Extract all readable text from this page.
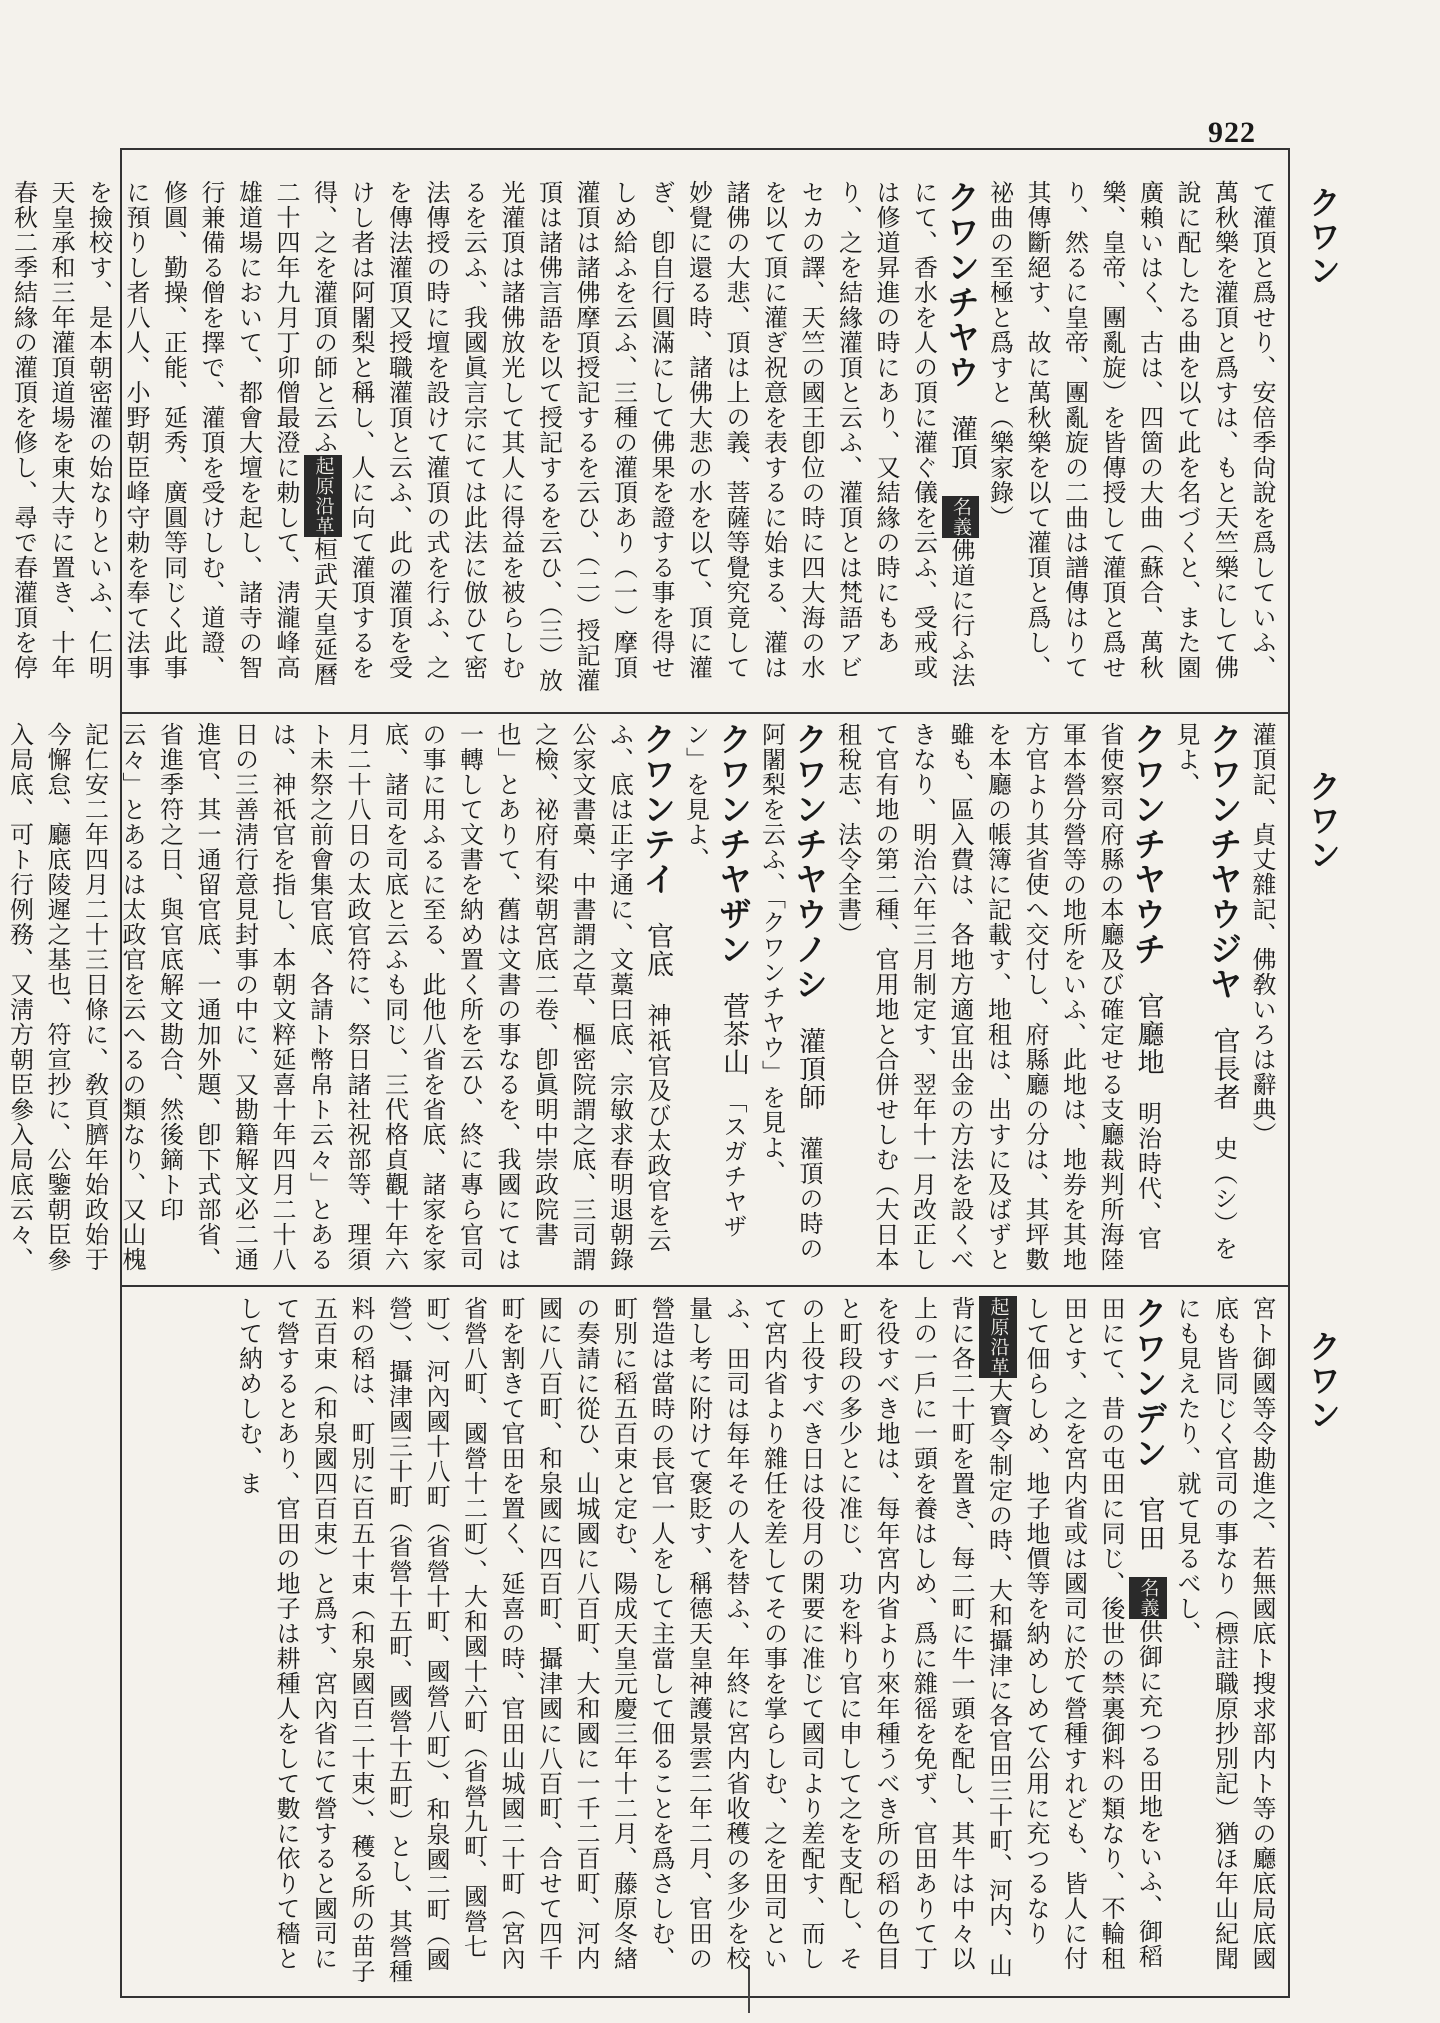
922
クワン
て灌頂と爲せり、安倍季尙說を爲していふ、萬秋樂を灌頂と爲すは、もと天竺樂にして佛說に配したる曲を以て此を名づくと、また園廣賴いはく、古は、四箇の大曲（蘇合、萬秋樂、皇帝、團亂旋）を皆傳授して灌頂と爲せり、然るに皇帝、團亂旋の二曲は譜傳はりて其傳斷絕す、故に萬秋樂を以て灌頂と爲し、祕曲の至極と爲すと（樂家錄）
クワンチヤウ　灌頂　名義佛道に行ふ法にて、香水を人の頂に灌ぐ儀を云ふ、受戒或は修道昇進の時にあり、又結緣の時にもあり、之を結緣灌頂と云ふ、灌頂とは梵語アビセカの譯、天竺の國王卽位の時に四大海の水を以て頂に灌ぎ祝意を表するに始まる、灌は諸佛の大悲、頂は上の義、菩薩等覺究竟して妙覺に還る時、諸佛大悲の水を以て、頂に灌ぎ、卽自行圓滿にして佛果を證する事を得せしめ給ふを云ふ、三種の灌頂あり（一）摩頂灌頂は諸佛摩頂授記するを云ひ、（二）授記灌頂は諸佛言語を以て授記するを云ひ、（三）放光灌頂は諸佛放光して其人に得益を被らしむるを云ふ、我國眞言宗にては此法に倣ひて密法傳授の時に壇を設けて灌頂の式を行ふ、之を傳法灌頂又授職灌頂と云ふ、此の灌頂を受けし者は阿闍梨と稱し、人に向て灌頂するを得、之を灌頂の師と云ふ起原沿革桓武天皇延曆二十四年九月丁卯僧最澄に勅して、淸瀧峰高雄道場において、都會大壇を起し、諸寺の智行兼備る僧を擇で、灌頂を受けしむ、道證、修圓、勤操、正能、延秀、廣圓等同じく此事に預りし者八人、小野朝臣峰守勅を奉て法事を撿校す、是本朝密灌の始なりといふ、仁明天皇承和三年灌頂道場を東大寺に置き、十年春秋二季結緣の灌頂を修し、尋で春灌頂を停
クワン
灌頂記、貞丈雜記、佛敎いろは辭典）
クワンチヤウジヤ　官長者　史（シ）を見よ、
クワンチヤウチ　官廳地　明治時代、官省使察司府縣の本廳及び確定せる支廳裁判所海陸軍本營分營等の地所をいふ、此地は、地券を其地方官より其省使へ交付し、府縣廳の分は、其坪數を本廳の帳簿に記載す、地租は、出すに及ばずと雖も、區入費は、各地方適宜出金の方法を設くべきなり、明治六年三月制定す、翌年十一月改正して官有地の第二種、官用地と合併せしむ（大日本租稅志、法令全書）
クワンチヤウノシ　灌頂師　灌頂の時の阿闍梨を云ふ、「クワンチヤウ」を見よ、
クワンチヤザン　菅茶山　「スガチヤザン」を見よ、
クワンテイ　官底　神祇官及び太政官を云ふ、底は正字通に、文藁曰底、宗敏求春明退朝錄公家文書槀、中書謂之草、樞密院謂之底、三司謂之檢、祕府有梁朝宮底二卷、卽眞明中崇政院書也」とありて、舊は文書の事なるを、我國にては一轉して文書を納め置く所を云ひ、終に專ら官司の事に用ふるに至る、此他八省を省底、諸家を家底、諸司を司底と云ふも同じ、三代格貞觀十年六月二十八日の太政官符に、祭日諸社祝部等、理須ト未祭之前會集官底、各請ト幣帛ト云々」とあるは、神祇官を指し、本朝文粹延喜十年四月二十八日の三善淸行意見封事の中に、又勘籍解文必二通進官、其一通留官底、一通加外題、卽下式部省、省進季符之日、與官底解文勘合、然後鏑ト印云々」とあるは太政官を云へるの類なり、又山槐記仁安二年四月二十三日條に、敎頁臍年始政始于今懈怠、廳底陵遲之基也、符宣抄に、公鑒朝臣參入局底、可ト行例務、又淸方朝臣參入局底云々、
クワン
宮ト御國等令勘進之、若無國底ト搜求部内ト等の廳底局底國底も皆同じく官司の事なり（標註職原抄別記）猶ほ年山紀聞にも見えたり、就て見るべし、
クワンデン　官田　名義供御に充つる田地をいふ、御稻田にて、昔の屯田に同じ、後世の禁裏御料の類なり、不輪租田とす、之を宮内省或は國司に於て營種すれども、皆人に付して佃らしめ、地子地價等を納めしめて公用に充つるなり起原沿革大寶令制定の時、大和攝津に各官田三十町、河内、山背に各二十町を置き、每二町に牛一頭を配し、其牛は中々以上の一戶に一頭を養はしめ、爲に雜徭を免ず、官田ありて丁を役すべき地は、每年宮内省より來年種うべき所の稻の色目と町段の多少とに准じ、功を料り官に申して之を支配し、その上役すべき日は役月の閑要に准じて國司より差配す、而して宮内省より雜任を差してその事を掌らしむ、之を田司といふ、田司は每年その人を替ふ、年終に宮内省收穫の多少を校量し考に附けて褒貶す、稱德天皇神護景雲二年二月、官田の營造は當時の長官一人をして主當して佃ることを爲さしむ、町別に稻五百束と定む、陽成天皇元慶三年十二月、藤原冬緖の奏請に從ひ、山城國に八百町、大和國に一千二百町、河内國に八百町、和泉國に四百町、攝津國に八百町、合せて四千町を割きて官田を置く、延喜の時、官田山城國二十町（宮內省營八町、國營十二町）、大和國十六町（省營九町、國營七町）、河內國十八町（省營十町、國營八町）、和泉國二町（國營）、攝津國三十町（省營十五町、國營十五町）とし、其營種料の稻は、町別に百五十束（和泉國百二十束）、穫る所の苗子五百束（和泉國四百束）と爲す、宮內省にて營すると國司にて營するとあり、官田の地子は耕種人をして數に依りて穡として納めしむ、ま
